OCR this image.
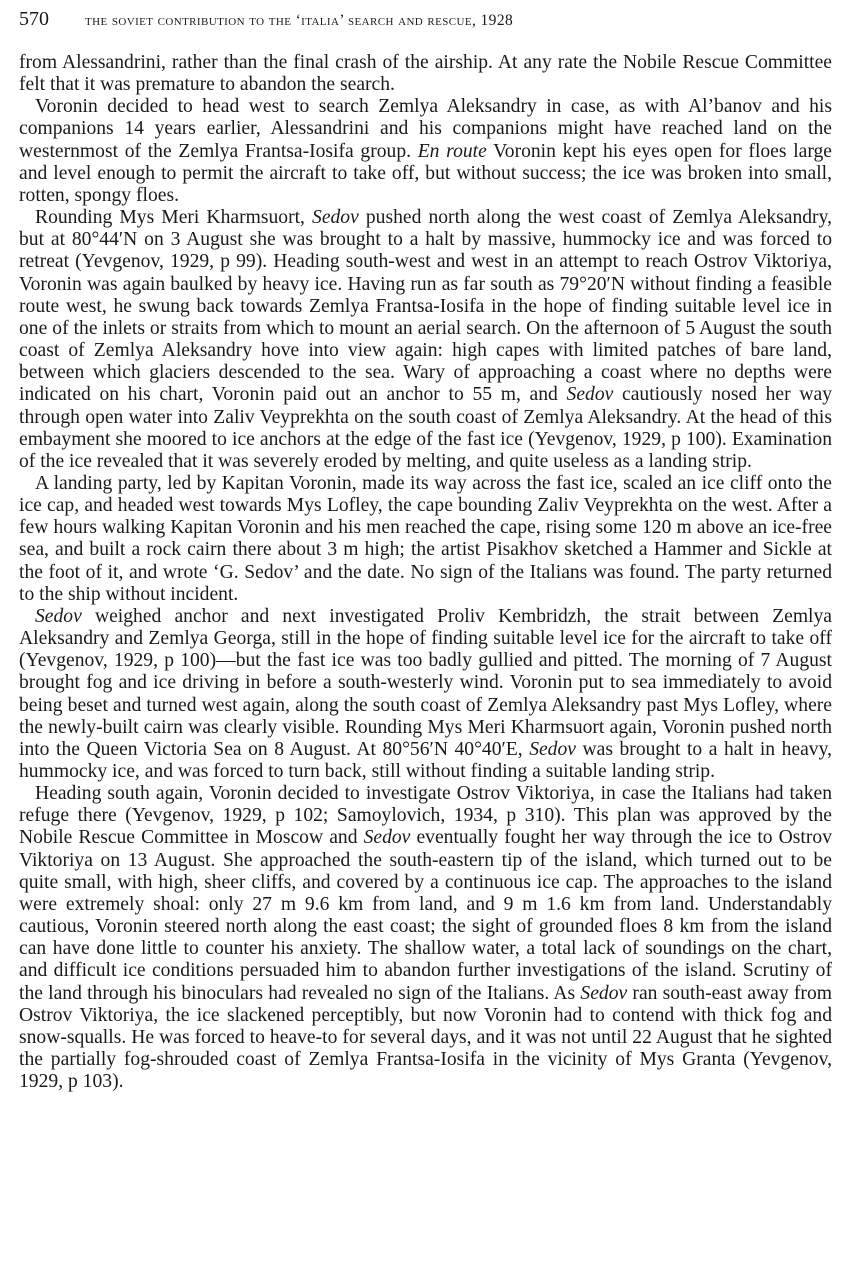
570	the soviet contribution to the ‘italia’ search and rescue, 1928

from Alessandrini, rather than the final crash of the airship. At any rate the Nobile Rescue Committee felt that it was premature to abandon the search.

Voronin decided to head west to search Zemlya Aleksandry in case, as with Al’banov and his companions 14 years earlier, Alessandrini and his companions might have reached land on the westernmost of the Zemlya Frantsa-Iosifa group. En route Voronin kept his eyes open for floes large and level enough to permit the aircraft to take off, but without success; the ice was broken into small, rotten, spongy floes.

Rounding Mys Meri Kharmsuort, Sedov pushed north along the west coast of Zemlya Aleksandry, but at 80°44′N on 3 August she was brought to a halt by massive, hummocky ice and was forced to retreat (Yevgenov, 1929, p 99). Heading south-west and west in an attempt to reach Ostrov Viktoriya, Voronin was again baulked by heavy ice. Having run as far south as 79°20′N without finding a feasible route west, he swung back towards Zemlya Frantsa-Iosifa in the hope of finding suitable level ice in one of the inlets or straits from which to mount an aerial search. On the afternoon of 5 August the south coast of Zemlya Aleksandry hove into view again: high capes with limited patches of bare land, between which glaciers descended to the sea. Wary of approaching a coast where no depths were indicated on his chart, Voronin paid out an anchor to 55 m, and Sedov cautiously nosed her way through open water into Zaliv Veyprekhta on the south coast of Zemlya Aleksandry. At the head of this embayment she moored to ice anchors at the edge of the fast ice (Yevgenov, 1929, p 100). Examination of the ice revealed that it was severely eroded by melting, and quite useless as a landing strip.

A landing party, led by Kapitan Voronin, made its way across the fast ice, scaled an ice cliff onto the ice cap, and headed west towards Mys Lofley, the cape bounding Zaliv Veyprekhta on the west. After a few hours walking Kapitan Voronin and his men reached the cape, rising some 120 m above an ice-free sea, and built a rock cairn there about 3 m high; the artist Pisakhov sketched a Hammer and Sickle at the foot of it, and wrote ‘G. Sedov’ and the date. No sign of the Italians was found. The party returned to the ship without incident.

Sedov weighed anchor and next investigated Proliv Kembridzh, the strait between Zemlya Aleksandry and Zemlya Georga, still in the hope of finding suitable level ice for the aircraft to take off (Yevgenov, 1929, p 100)—but the fast ice was too badly gullied and pitted. The morning of 7 August brought fog and ice driving in before a south-westerly wind. Voronin put to sea immediately to avoid being beset and turned west again, along the south coast of Zemlya Aleksandry past Mys Lofley, where the newly-built cairn was clearly visible. Rounding Mys Meri Kharmsuort again, Voronin pushed north into the Queen Victoria Sea on 8 August. At 80°56′N 40°40′E, Sedov was brought to a halt in heavy, hummocky ice, and was forced to turn back, still without finding a suitable landing strip.

Heading south again, Voronin decided to investigate Ostrov Viktoriya, in case the Italians had taken refuge there (Yevgenov, 1929, p 102; Samoylovich, 1934, p 310). This plan was approved by the Nobile Rescue Committee in Moscow and Sedov eventually fought her way through the ice to Ostrov Viktoriya on 13 August. She approached the south-eastern tip of the island, which turned out to be quite small, with high, sheer cliffs, and covered by a continuous ice cap. The approaches to the island were extremely shoal: only 27 m 9.6 km from land, and 9 m 1.6 km from land. Understandably cautious, Voronin steered north along the east coast; the sight of grounded floes 8 km from the island can have done little to counter his anxiety. The shallow water, a total lack of soundings on the chart, and difficult ice conditions persuaded him to abandon further investigations of the island. Scrutiny of the land through his binoculars had revealed no sign of the Italians. As Sedov ran south-east away from Ostrov Viktoriya, the ice slackened perceptibly, but now Voronin had to contend with thick fog and snow-squalls. He was forced to heave-to for several days, and it was not until 22 August that he sighted the partially fog-shrouded coast of Zemlya Frantsa-Iosifa in the vicinity of Mys Granta (Yevgenov, 1929, p 103).
